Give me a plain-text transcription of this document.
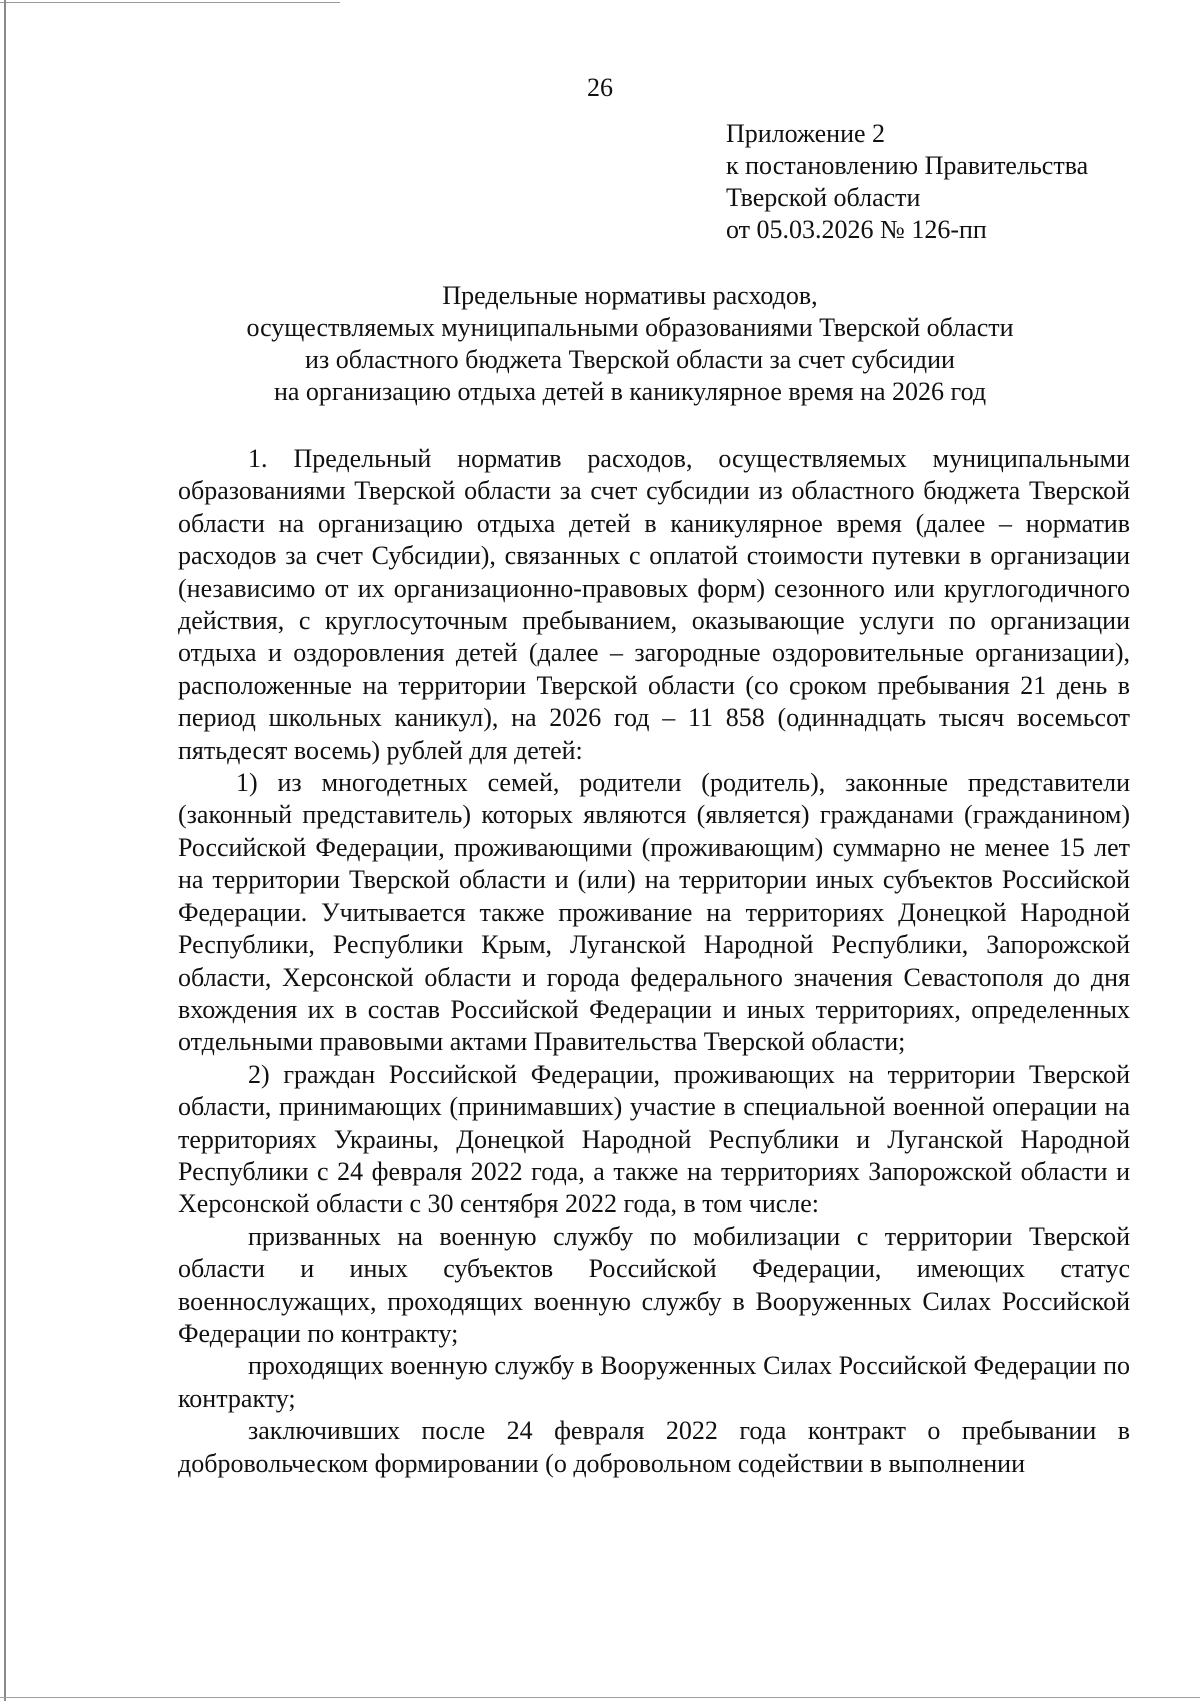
26
Приложение 2
к постановлению Правительства
Тверской области
от 05.03.2026 № 126-пп
Предельные нормативы расходов,
осуществляемых муниципальными образованиями Тверской области
из областного бюджета Тверской области за счет субсидии
на организацию отдыха детей в каникулярное время на 2026 год

1. Предельный норматив расходов, осуществляемых муниципальными образованиями Тверской области за счет субсидии из областного бюджета Тверской области на организацию отдыха детей в каникулярное время (далее – норматив расходов за счет Субсидии), связанных с оплатой стоимости путевки в организации (независимо от их организационно-правовых форм) сезонного или круглогодичного действия, с круглосуточным пребыванием, оказывающие услуги по организации отдыха и оздоровления детей (далее – загородные оздоровительные организации), расположенные на территории Тверской области (со сроком пребывания 21 день в период школьных каникул), на 2026 год – 11 858 (одиннадцать тысяч восемьсот пятьдесят восемь) рублей для детей:

1) из многодетных семей, родители (родитель), законные представители (законный представитель) которых являются (является) гражданами (гражданином) Российской Федерации, проживающими (проживающим) суммарно не менее 15 лет на территории Тверской области и (или) на территории иных субъектов Российской Федерации. Учитывается также проживание на территориях Донецкой Народной Республики, Республики Крым, Луганской Народной Республики, Запорожской области, Херсонской области и города федерального значения Севастополя до дня вхождения их в состав Российской Федерации и иных территориях, определенных отдельными правовыми актами Правительства Тверской области;

2) граждан Российской Федерации, проживающих на территории Тверской области, принимающих (принимавших) участие в специальной военной операции на территориях Украины, Донецкой Народной Республики и Луганской Народной Республики с 24 февраля 2022 года, а также на территориях Запорожской области и Херсонской области с 30 сентября 2022 года, в том числе:

призванных на военную службу по мобилизации с территории Тверской области и иных субъектов Российской Федерации, имеющих статус военнослужащих, проходящих военную службу в Вооруженных Силах Российской Федерации по контракту;

проходящих военную службу в Вооруженных Силах Российской Федерации по контракту;

заключивших после 24 февраля 2022 года контракт о пребывании в добровольческом формировании (о добровольном содействии в выполнении
